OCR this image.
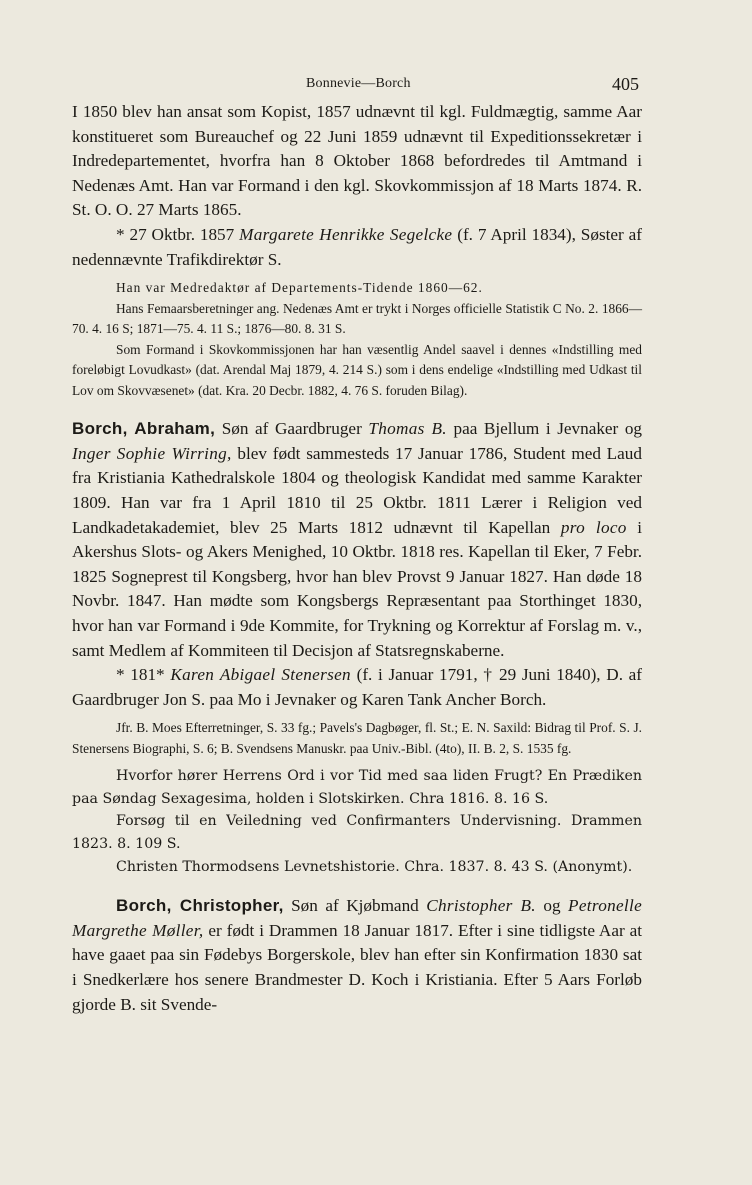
Bonnevie—Borch	405

I 1850 blev han ansat som Kopist, 1857 udnævnt til kgl. Fuldmægtig, samme Aar konstitueret som Bureauchef og 22 Juni 1859 udnævnt til Expeditionssekretær i Indredepartementet, hvorfra han 8 Oktober 1868 befordredes til Amtmand i Nedenæs Amt. Han var Formand i den kgl. Skovkommissjon af 18 Marts 1874. R. St. O. O. 27 Marts 1865.

* 27 Oktbr. 1857 Margarete Henrikke Segelcke (f. 7 April 1834), Søster af nedennævnte Trafikdirektør S.

Han var Medredaktør af Departements-Tidende 1860—62.

Hans Femaarsberetninger ang. Nedenæs Amt er trykt i Norges officielle Statistik C No. 2. 1866—70. 4. 16 S; 1871—75. 4. 11 S.; 1876—80. 8. 31 S.

Som Formand i Skovkommissjonen har han væsentlig Andel saavel i dennes «Indstilling med foreløbigt Lovudkast» (dat. Arendal Maj 1879, 4. 214 S.) som i dens endelige «Indstilling med Udkast til Lov om Skovvæsenet» (dat. Kra. 20 Decbr. 1882, 4. 76 S. foruden Bilag).

Borch, Abraham, Søn af Gaardbruger Thomas B. paa Bjellum i Jevnaker og Inger Sophie Wirring, blev født sammesteds 17 Januar 1786, Student med Laud fra Kristiania Kathedralskole 1804 og theologisk Kandidat med samme Karakter 1809. Han var fra 1 April 1810 til 25 Oktbr. 1811 Lærer i Religion ved Landkadetakademiet, blev 25 Marts 1812 udnævnt til Kapellan pro loco i Akershus Slots- og Akers Menighed, 10 Oktbr. 1818 res. Kapellan til Eker, 7 Febr. 1825 Sogneprest til Kongsberg, hvor han blev Provst 9 Januar 1827. Han døde 18 Novbr. 1847. Han mødte som Kongsbergs Repræsentant paa Storthinget 1830, hvor han var Formand i 9de Kommite, for Trykning og Korrektur af Forslag m. v., samt Medlem af Kommiteen til Decisjon af Statsregnskaberne.

* 181* Karen Abigael Stenersen (f. i Januar 1791, † 29 Juni 1840), D. af Gaardbruger Jon S. paa Mo i Jevnaker og Karen Tank Ancher Borch.

Jfr. B. Moes Efterretninger, S. 33 fg.; Pavels's Dagbøger, fl. St.; E. N. Saxild: Bidrag til Prof. S. J. Stenersens Biographi, S. 6; B. Svendsens Manuskr. paa Univ.-Bibl. (4to), II. B. 2, S. 1535 fg.

Hvorfor hører Herrens Ord i vor Tid med saa liden Frugt? En Prædiken paa Søndag Sexagesima, holden i Slotskirken. Chra 1816. 8. 16 S.

Forsøg til en Veiledning ved Confirmanters Undervisning. Drammen 1823. 8. 109 S.

Christen Thormodsens Levnetshistorie. Chra. 1837. 8. 43 S. (Anonymt).

Borch, Christopher, Søn af Kjøbmand Christopher B. og Petronelle Margrethe Møller, er født i Drammen 18 Januar 1817. Efter i sine tidligste Aar at have gaaet paa sin Fødebys Borgerskole, blev han efter sin Konfirmation 1830 sat i Snedkerlære hos senere Brandmester D. Koch i Kristiania. Efter 5 Aars Forløb gjorde B. sit Svende-
